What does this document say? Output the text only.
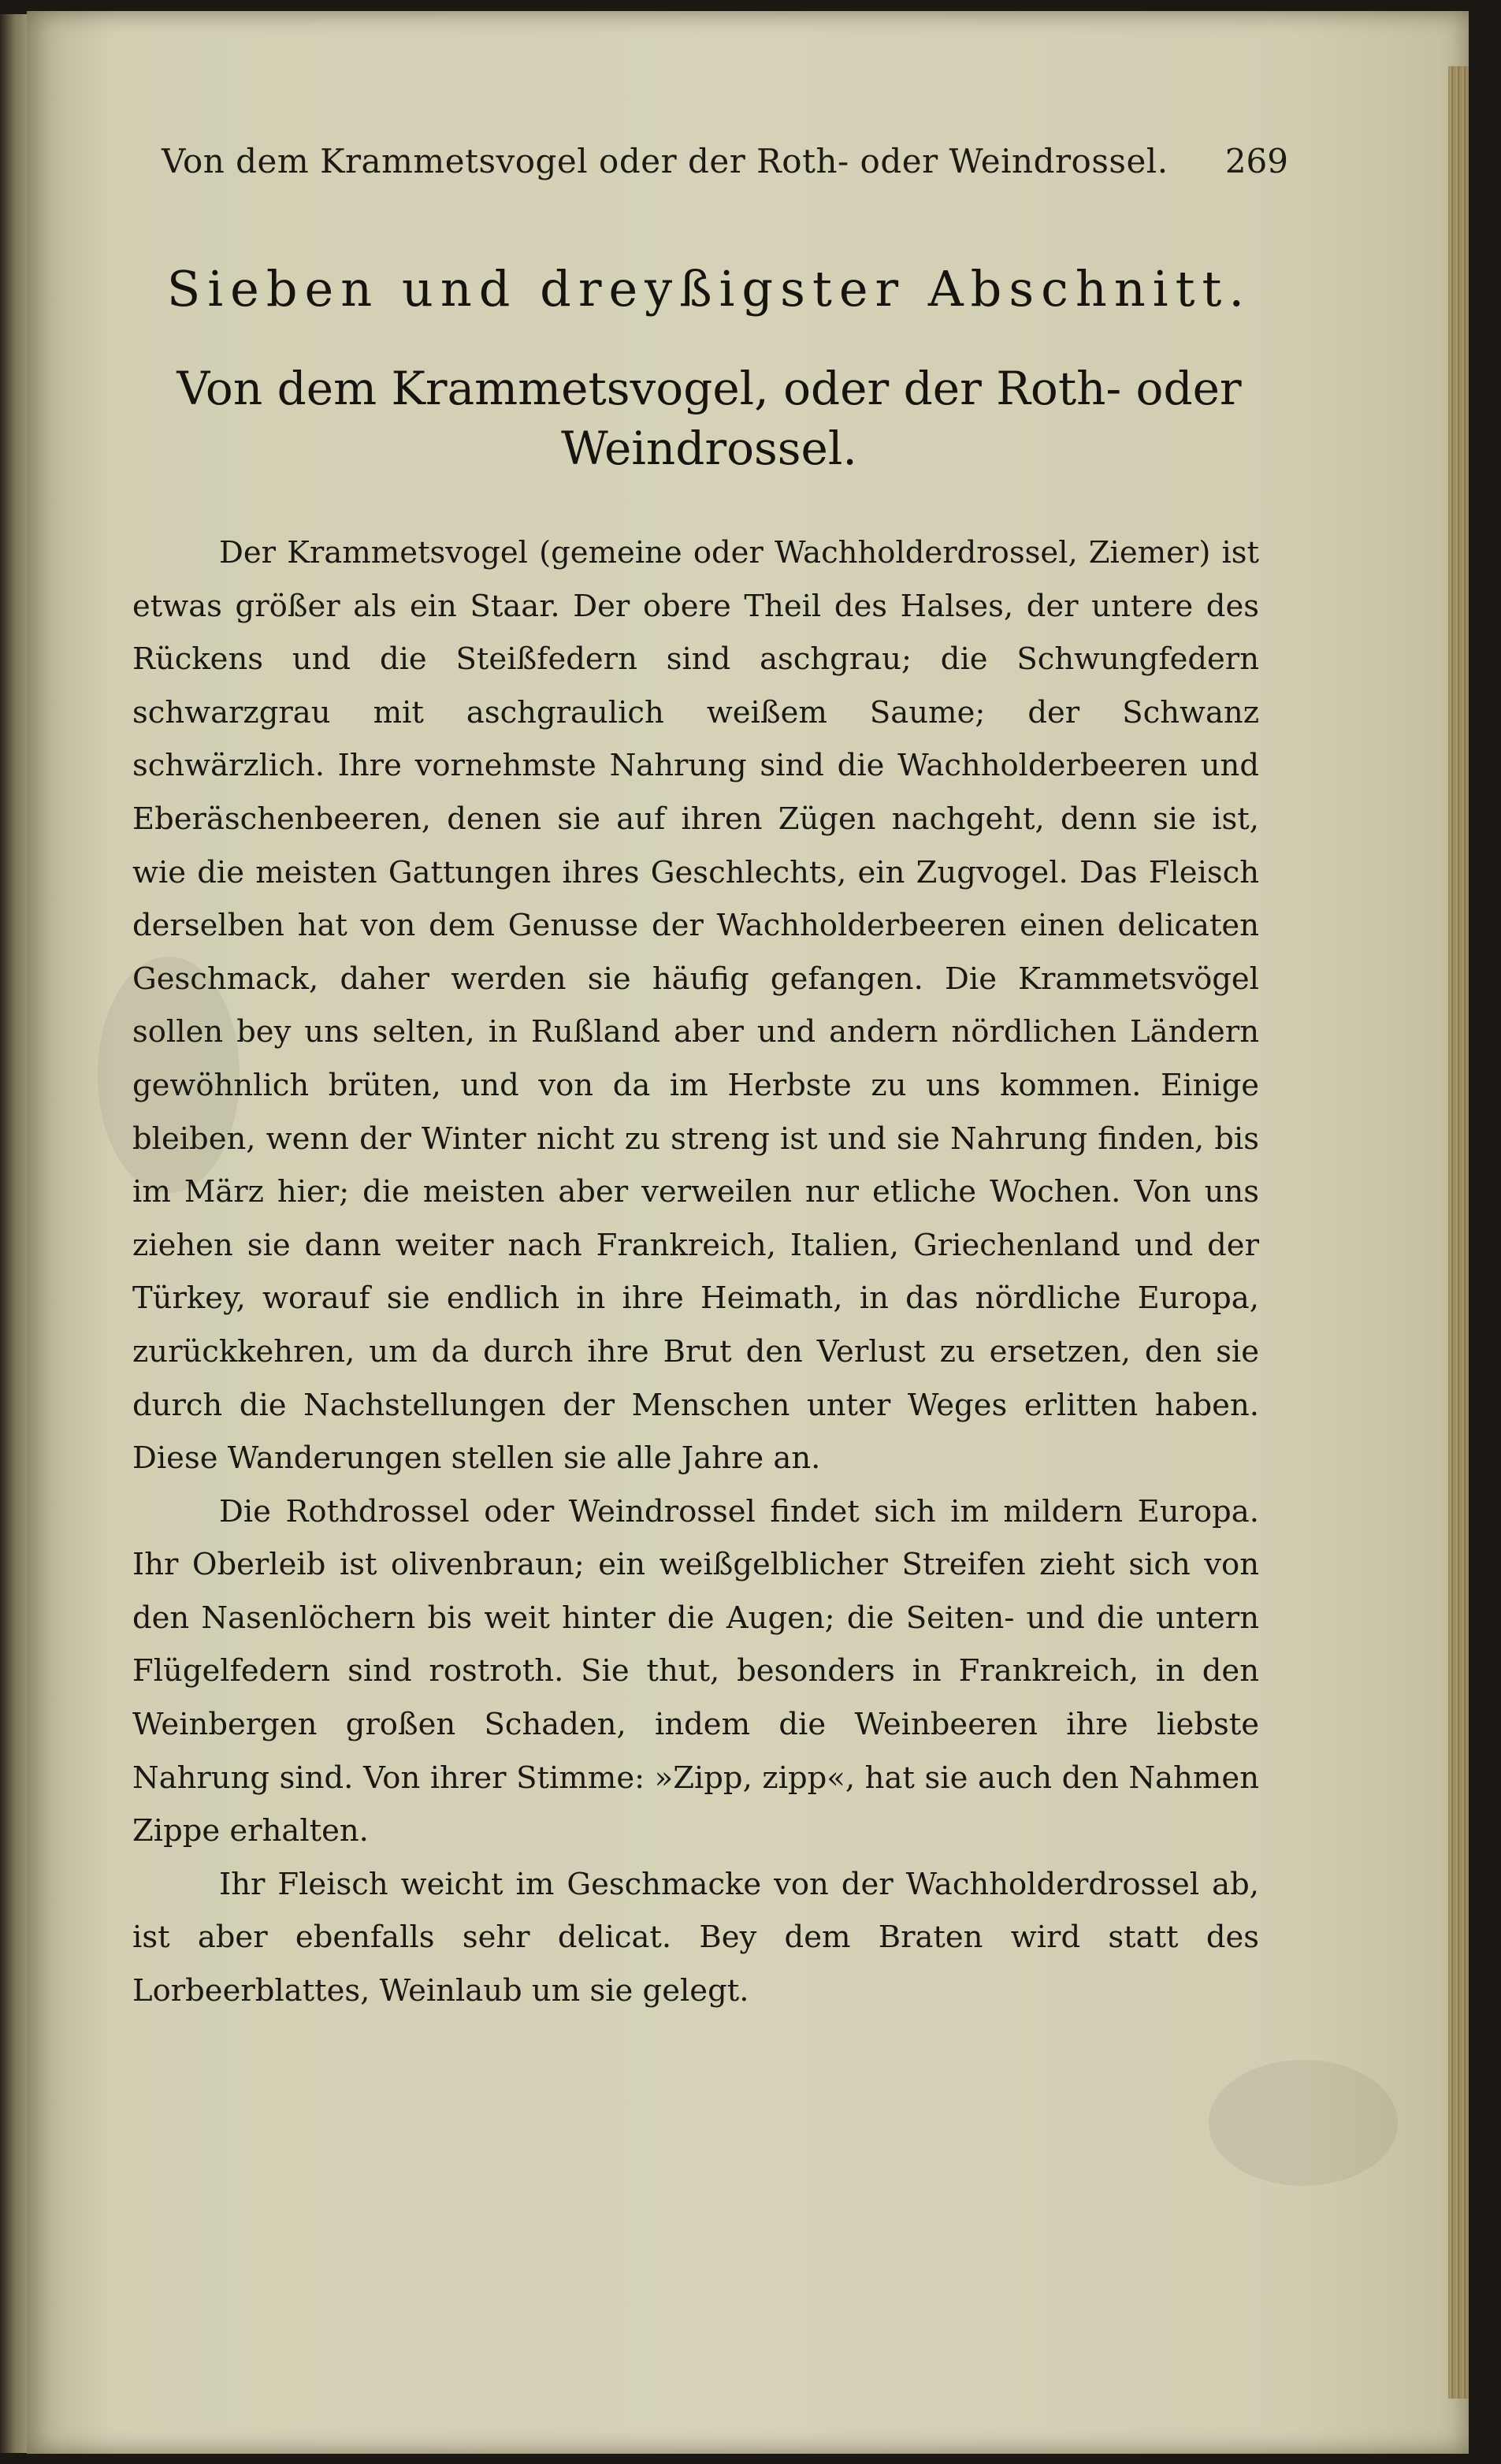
Von dem Krammetsvogel oder der Roth- oder Weindrossel. 269
Sieben und dreyßigster Abschnitt.
Von dem Krammetsvogel, oder der Roth- oder Weindrossel.

Der Krammetsvogel (gemeine oder Wachholderdrossel, Ziemer) ist etwas größer als ein Staar. Der obere Theil des Halses, der untere des Rückens und die Steißfedern sind aschgrau; die Schwungfedern schwarzgrau mit aschgraulich weißem Saume; der Schwanz schwärzlich. Ihre vornehmste Nahrung sind die Wachholderbeeren und Eberäschenbeeren, denen sie auf ihren Zügen nachgeht, denn sie ist, wie die meisten Gattungen ihres Geschlechts, ein Zugvogel. Das Fleisch derselben hat von dem Genusse der Wachholderbeeren einen delicaten Geschmack, daher werden sie häufig gefangen. Die Krammetsvögel sollen bey uns selten, in Rußland aber und andern nördlichen Ländern gewöhnlich brüten, und von da im Herbste zu uns kommen. Einige bleiben, wenn der Winter nicht zu streng ist und sie Nahrung finden, bis im März hier; die meisten aber verweilen nur etliche Wochen. Von uns ziehen sie dann weiter nach Frankreich, Italien, Griechenland und der Türkey, worauf sie endlich in ihre Heimath, in das nördliche Europa, zurückkehren, um da durch ihre Brut den Verlust zu ersetzen, den sie durch die Nachstellungen der Menschen unter Weges erlitten haben. Diese Wanderungen stellen sie alle Jahre an.

Die Rothdrossel oder Weindrossel findet sich im mildern Europa. Ihr Oberleib ist olivenbraun; ein weißgelblicher Streifen zieht sich von den Nasenlöchern bis weit hinter die Augen; die Seiten- und die untern Flügelfedern sind rostroth. Sie thut, besonders in Frankreich, in den Weinbergen großen Schaden, indem die Weinbeeren ihre liebste Nahrung sind. Von ihrer Stimme: »Zipp, zipp«, hat sie auch den Nahmen Zippe erhalten.

Ihr Fleisch weicht im Geschmacke von der Wachholderdrossel ab, ist aber ebenfalls sehr delicat. Bey dem Braten wird statt des Lorbeerblattes, Weinlaub um sie gelegt.
